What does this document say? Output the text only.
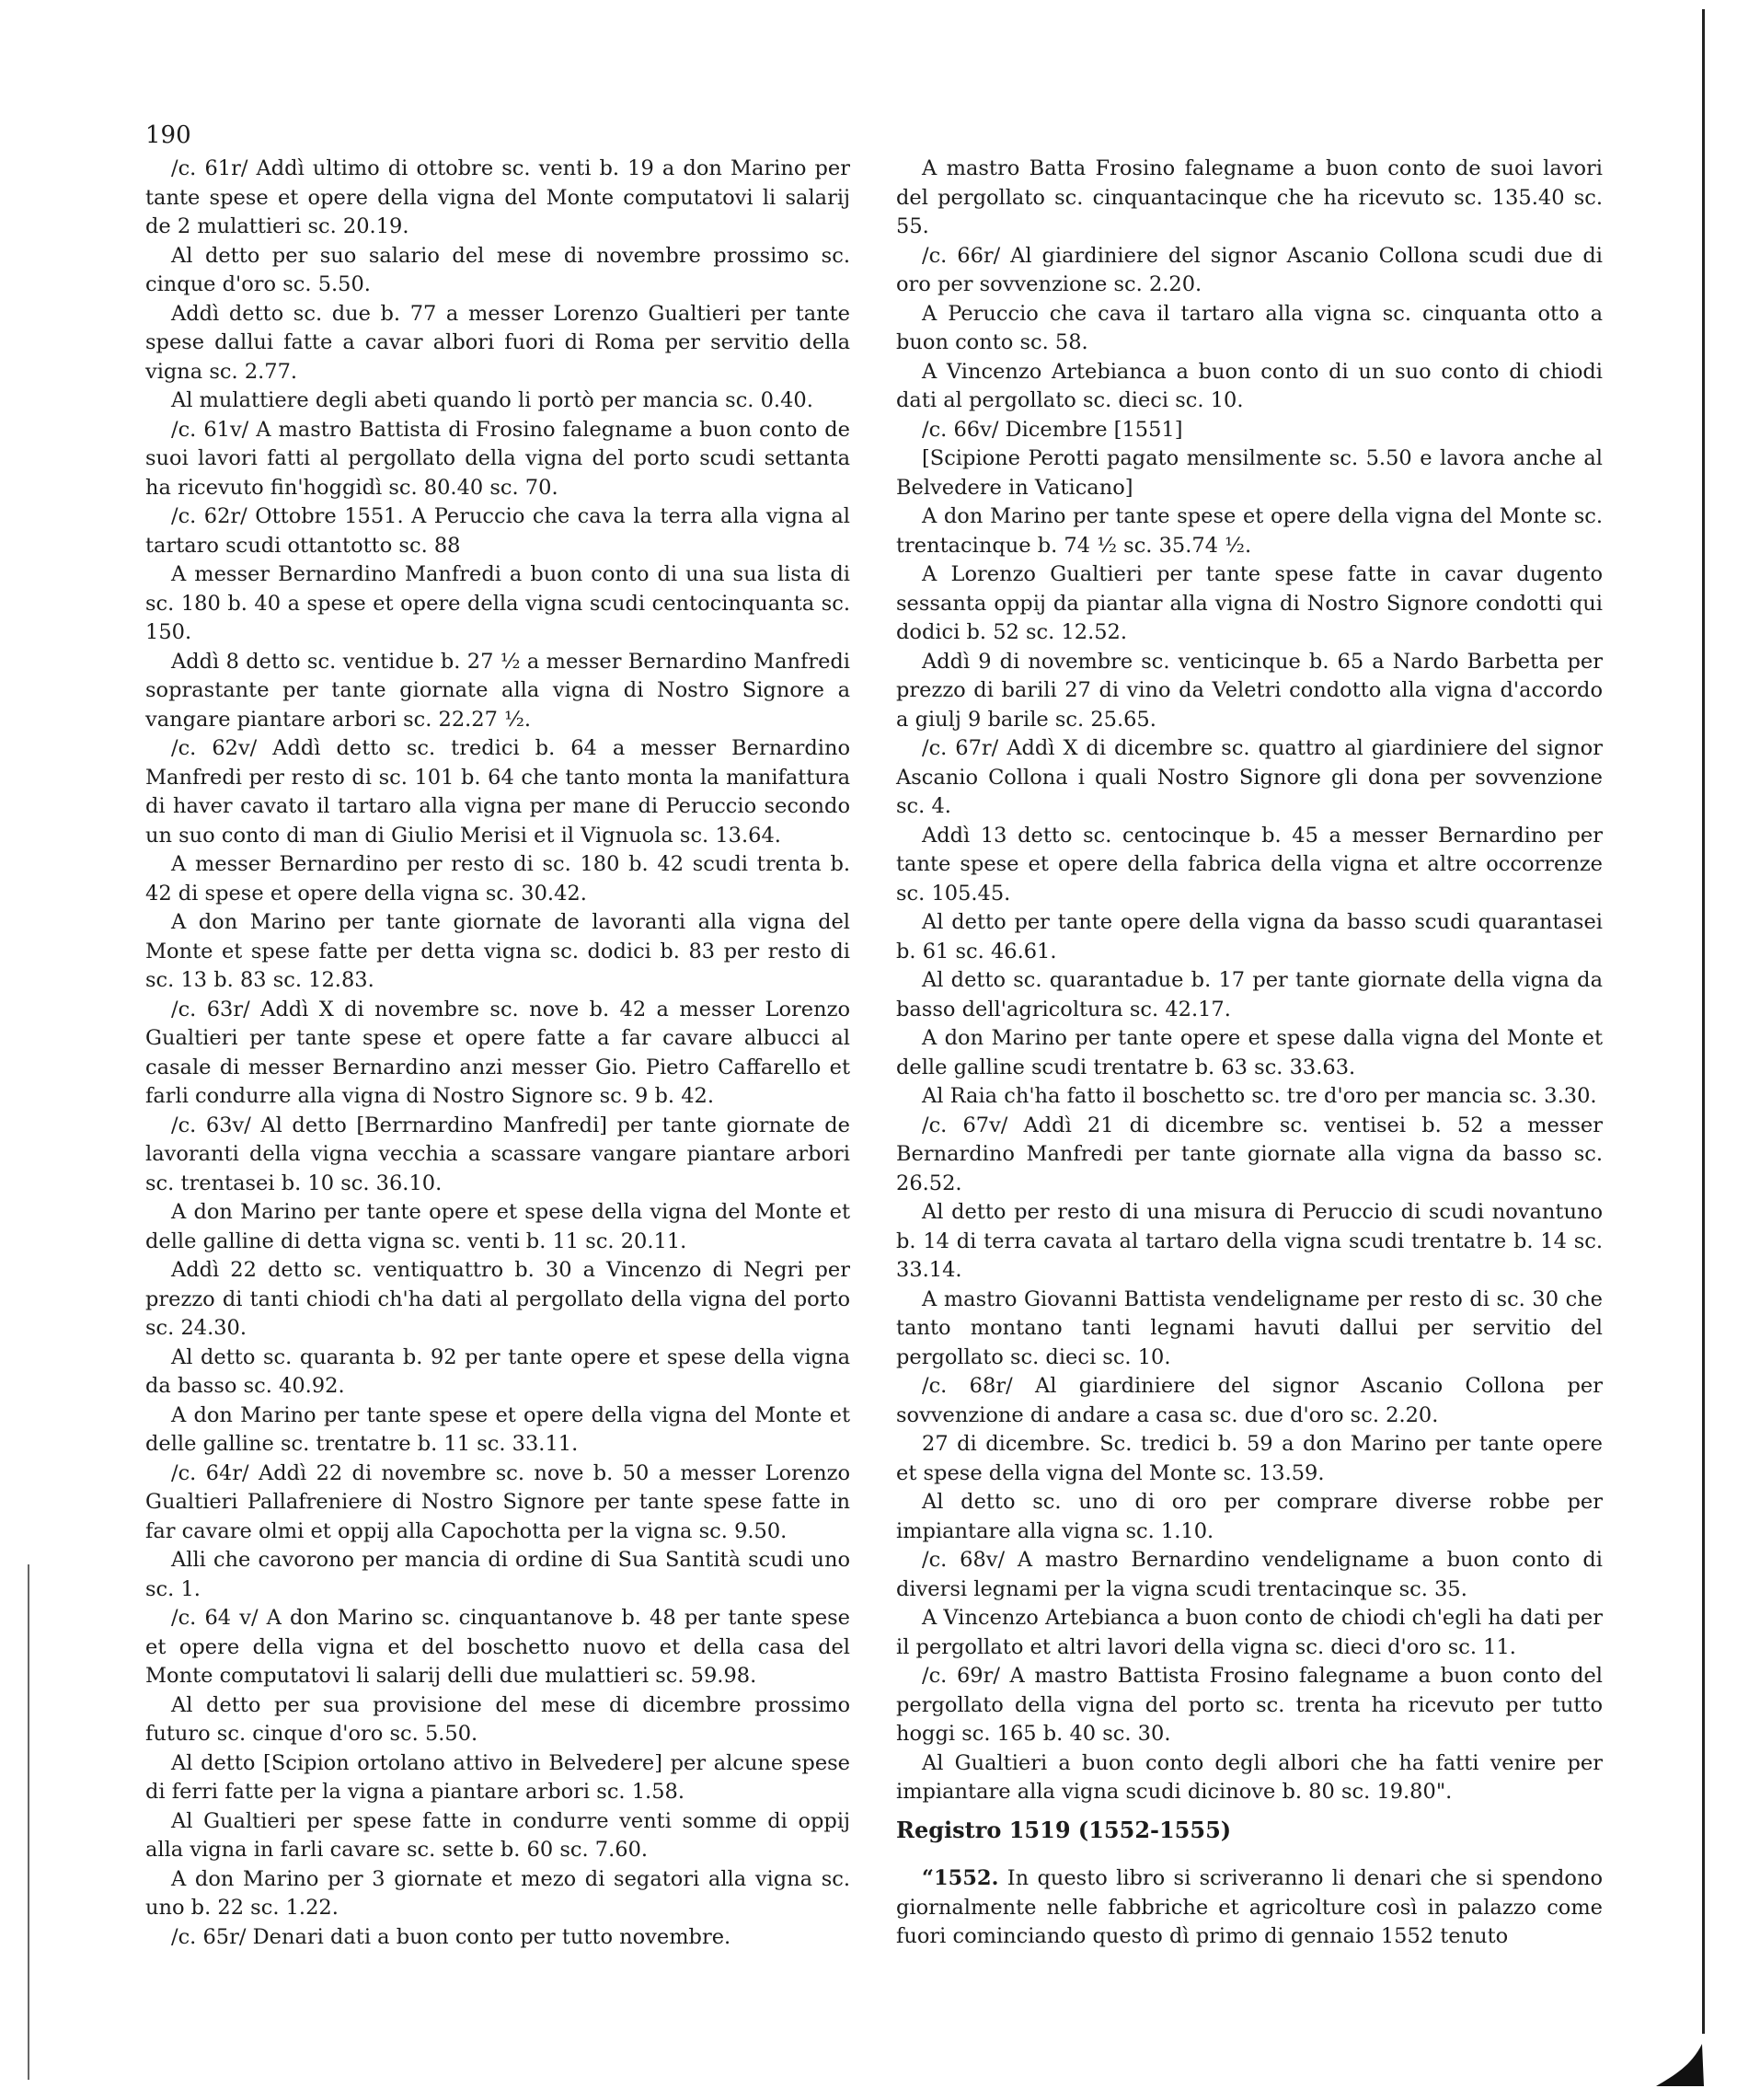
190

/c. 61r/ Addì ultimo di ottobre sc. venti b. 19 a don Marino per tante spese et opere della vigna del Monte computatovi li salarij de 2 mulattieri sc. 20.19.

Al detto per suo salario del mese di novembre prossimo sc. cinque d'oro sc. 5.50.

Addì detto sc. due b. 77 a messer Lorenzo Gualtieri per tante spese dallui fatte a cavar albori fuori di Roma per servitio della vigna sc. 2.77.

Al mulattiere degli abeti quando li portò per mancia sc. 0.40.

/c. 61v/ A mastro Battista di Frosino falegname a buon conto de suoi lavori fatti al pergollato della vigna del porto scudi settanta ha ricevuto fin'hoggidì sc. 80.40 sc. 70.

/c. 62r/ Ottobre 1551. A Peruccio che cava la terra alla vigna al tartaro scudi ottantotto sc. 88

A messer Bernardino Manfredi a buon conto di una sua lista di sc. 180 b. 40 a spese et opere della vigna scudi centocinquanta sc. 150.

Addì 8 detto sc. ventidue b. 27 ½ a messer Bernardino Manfredi soprastante per tante giornate alla vigna di Nostro Signore a vangare piantare arbori sc. 22.27 ½.

/c. 62v/ Addì detto sc. tredici b. 64 a messer Bernardino Manfredi per resto di sc. 101 b. 64 che tanto monta la manifattura di haver cavato il tartaro alla vigna per mane di Peruccio secondo un suo conto di man di Giulio Merisi et il Vignuola sc. 13.64.

A messer Bernardino per resto di sc. 180 b. 42 scudi trenta b. 42 di spese et opere della vigna sc. 30.42.

A don Marino per tante giornate de lavoranti alla vigna del Monte et spese fatte per detta vigna sc. dodici b. 83 per resto di sc. 13 b. 83 sc. 12.83.

/c. 63r/ Addì X di novembre sc. nove b. 42 a messer Lorenzo Gualtieri per tante spese et opere fatte a far cavare albucci al casale di messer Bernardino anzi messer Gio. Pietro Caffarello et farli condurre alla vigna di Nostro Signore sc. 9 b. 42.

/c. 63v/ Al detto [Berrnardino Manfredi] per tante giornate de lavoranti della vigna vecchia a scassare vangare piantare arbori sc. trentasei b. 10 sc. 36.10.

A don Marino per tante opere et spese della vigna del Monte et delle galline di detta vigna sc. venti b. 11 sc. 20.11.

Addì 22 detto sc. ventiquattro b. 30 a Vincenzo di Negri per prezzo di tanti chiodi ch'ha dati al pergollato della vigna del porto sc. 24.30.

Al detto sc. quaranta b. 92 per tante opere et spese della vigna da basso sc. 40.92.

A don Marino per tante spese et opere della vigna del Monte et delle galline sc. trentatre b. 11 sc. 33.11.

/c. 64r/ Addì 22 di novembre sc. nove b. 50 a messer Lorenzo Gualtieri Pallafreniere di Nostro Signore per tante spese fatte in far cavare olmi et oppij alla Capochotta per la vigna sc. 9.50.

Alli che cavorono per mancia di ordine di Sua Santità scudi uno sc. 1.

/c. 64 v/ A don Marino sc. cinquantanove b. 48 per tante spese et opere della vigna et del boschetto nuovo et della casa del Monte computatovi li salarij delli due mulattieri sc. 59.98.

Al detto per sua provisione del mese di dicembre prossimo futuro sc. cinque d'oro sc. 5.50.

Al detto [Scipion ortolano attivo in Belvedere] per alcune spese di ferri fatte per la vigna a piantare arbori sc. 1.58.

Al Gualtieri per spese fatte in condurre venti somme di oppij alla vigna in farli cavare sc. sette b. 60 sc. 7.60.

A don Marino per 3 giornate et mezo di segatori alla vigna sc. uno b. 22 sc. 1.22.

/c. 65r/ Denari dati a buon conto per tutto novembre.

A mastro Batta Frosino falegname a buon conto de suoi lavori del pergollato sc. cinquantacinque che ha ricevuto sc. 135.40 sc. 55.

/c. 66r/ Al giardiniere del signor Ascanio Collona scudi due di oro per sovvenzione sc. 2.20.

A Peruccio che cava il tartaro alla vigna sc. cinquanta otto a buon conto sc. 58.

A Vincenzo Artebianca a buon conto di un suo conto di chiodi dati al pergollato sc. dieci sc. 10.

/c. 66v/ Dicembre [1551]

[Scipione Perotti pagato mensilmente sc. 5.50 e lavora anche al Belvedere in Vaticano]

A don Marino per tante spese et opere della vigna del Monte sc. trentacinque b. 74 ½ sc. 35.74 ½.

A Lorenzo Gualtieri per tante spese fatte in cavar dugento sessanta oppij da piantar alla vigna di Nostro Signore condotti qui dodici b. 52 sc. 12.52.

Addì 9 di novembre sc. venticinque b. 65 a Nardo Barbetta per prezzo di barili 27 di vino da Veletri condotto alla vigna d'accordo a giulj 9 barile sc. 25.65.

/c. 67r/ Addì X di dicembre sc. quattro al giardiniere del signor Ascanio Collona i quali Nostro Signore gli dona per sovvenzione sc. 4.

Addì 13 detto sc. centocinque b. 45 a messer Bernardino per tante spese et opere della fabrica della vigna et altre occorrenze sc. 105.45.

Al detto per tante opere della vigna da basso scudi quarantasei b. 61 sc. 46.61.

Al detto sc. quarantadue b. 17 per tante giornate della vigna da basso dell'agricoltura sc. 42.17.

A don Marino per tante opere et spese dalla vigna del Monte et delle galline scudi trentatre b. 63 sc. 33.63.

Al Raia ch'ha fatto il boschetto sc. tre d'oro per mancia sc. 3.30.

/c. 67v/ Addì 21 di dicembre sc. ventisei b. 52 a messer Bernardino Manfredi per tante giornate alla vigna da basso sc. 26.52.

Al detto per resto di una misura di Peruccio di scudi novantuno b. 14 di terra cavata al tartaro della vigna scudi trentatre b. 14 sc. 33.14.

A mastro Giovanni Battista vendeligname per resto di sc. 30 che tanto montano tanti legnami havuti dallui per servitio del pergollato sc. dieci sc. 10.

/c. 68r/ Al giardiniere del signor Ascanio Collona per sovvenzione di andare a casa sc. due d'oro sc. 2.20.

27 di dicembre. Sc. tredici b. 59 a don Marino per tante opere et spese della vigna del Monte sc. 13.59.

Al detto sc. uno di oro per comprare diverse robbe per impiantare alla vigna sc. 1.10.

/c. 68v/ A mastro Bernardino vendeligname a buon conto di diversi legnami per la vigna scudi trentacinque sc. 35.

A Vincenzo Artebianca a buon conto de chiodi ch'egli ha dati per il pergollato et altri lavori della vigna sc. dieci d'oro sc. 11.

/c. 69r/ A mastro Battista Frosino falegname a buon conto del pergollato della vigna del porto sc. trenta ha ricevuto per tutto hoggi sc. 165 b. 40 sc. 30.

Al Gualtieri a buon conto degli albori che ha fatti venire per impiantare alla vigna scudi dicinove b. 80 sc. 19.80".

Registro 1519 (1552-1555)

“1552. In questo libro si scriveranno li denari che si spendono giornalmente nelle fabbriche et agricolture così in palazzo come fuori cominciando questo dì primo di gennaio 1552 tenuto
